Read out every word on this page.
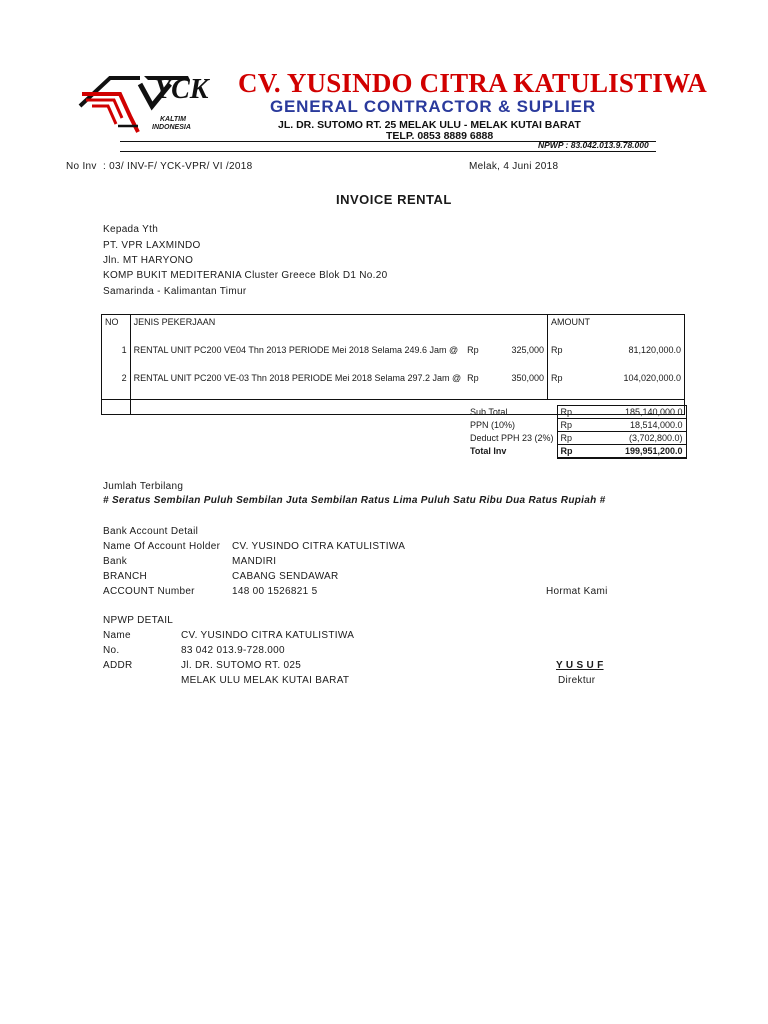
YCK
KALTIM
INDONESIA
CV. YUSINDO CITRA KATULISTIWA
GENERAL CONTRACTOR & SUPLIER
JL. DR. SUTOMO RT. 25 MELAK ULU - MELAK KUTAI BARAT
TELP. 0853 8889 6888
NPWP : 83.042.013.9.78.000
No Inv : 03/ INV-F/ YCK-VPR/ VI /2018	Melak, 4 Juni 2018
INVOICE RENTAL
Kepada Yth
PT. VPR LAXMINDO
Jln. MT HARYONO
KOMP BUKIT MEDITERANIA Cluster Greece Blok D1 No.20
Samarinda - Kalimantan Timur
NO	JENIS PEKERJAAN			AMOUNT	

1	RENTAL UNIT PC200 VE04 Thn 2013 PERIODE Mei 2018 Selama 249.6 Jam @	Rp	325,000	Rp	81,120,000.0

2	RENTAL UNIT PC200 VE-03 Thn 2018 PERIODE Mei 2018 Selama 297.2 Jam @	Rp	350,000	Rp	104,020,000.0

Sub Total	Rp	185,140,000.0
PPN (10%)	Rp	18,514,000.0
Deduct PPH 23 (2%)	Rp	(3,702,800.0)
Total Inv	Rp	199,951,200.0
Jumlah Terbilang
# Seratus Sembilan Puluh Sembilan Juta Sembilan Ratus Lima Puluh Satu Ribu Dua Ratus Rupiah #
Bank Account Detail
Name Of Account Holder CV. YUSINDO CITRA KATULISTIWA
Bank	MANDIRI
BRANCH	CABANG SENDAWAR
ACCOUNT Number	148 00 1526821 5	Hormat Kami
NPWP DETAIL
Name	CV. YUSINDO CITRA KATULISTIWA
No.	83 042 013.9-728.000
ADDR	Jl. DR. SUTOMO RT. 025
MELAK ULU MELAK KUTAI BARAT
Y U S U F
Direktur
